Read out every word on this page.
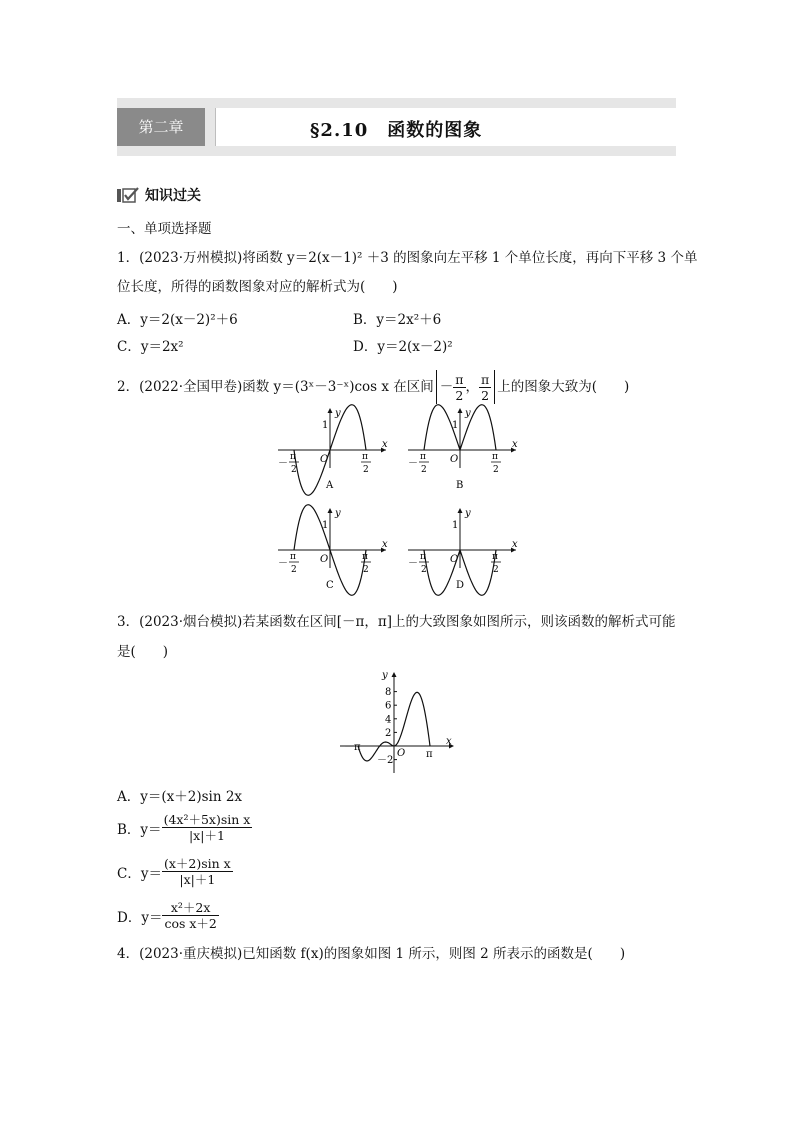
第二章	§2.10　函数的图象
知识过关
一、单项选择题
1．(2023·万州模拟)将函数 y＝2(x－1)² ＋3 的图象向左平移 1 个单位长度，再向下平移 3 个单
位长度，所得的函数图象对应的解析式为(　　)
A．y＝2(x－2)²＋6	B．y＝2x²＋6
C．y＝2x²	D．y＝2(x－2)²
2．(2022·全国甲卷)函数 y＝(3ˣ－3⁻ˣ)cos x 在区间 － $\frac{\pi}{2}$ ， $\frac{\pi}{2}$ 上的图象大致为(　　)
x
y
O
1
－
π
2
π
2
A
x
y
O
1
－
π
2
π
2
B
x
y
O
1
－
π
2
π
2
C
x
y
O
1
－
π
2
π
2
D
3．(2023·烟台模拟)若某函数在区间[－π，π]上的大致图象如图所示，则该函数的解析式可能
是(　　)
x
y
8
6
4
2
－2
O
－π
π
A．y＝(x＋2)sin 2x
B．$y= \frac{\text{(4x²＋5x)sin x}}{|x|+1}$
C．$y= \frac{\text{(x＋2)sin x}}{|x|+1}$
D．$y= \frac{\text{x²＋2x}}{\text{cos x＋2}}$
4．(2023·重庆模拟)已知函数 f(x)的图象如图 1 所示，则图 2 所表示的函数是(　　)
